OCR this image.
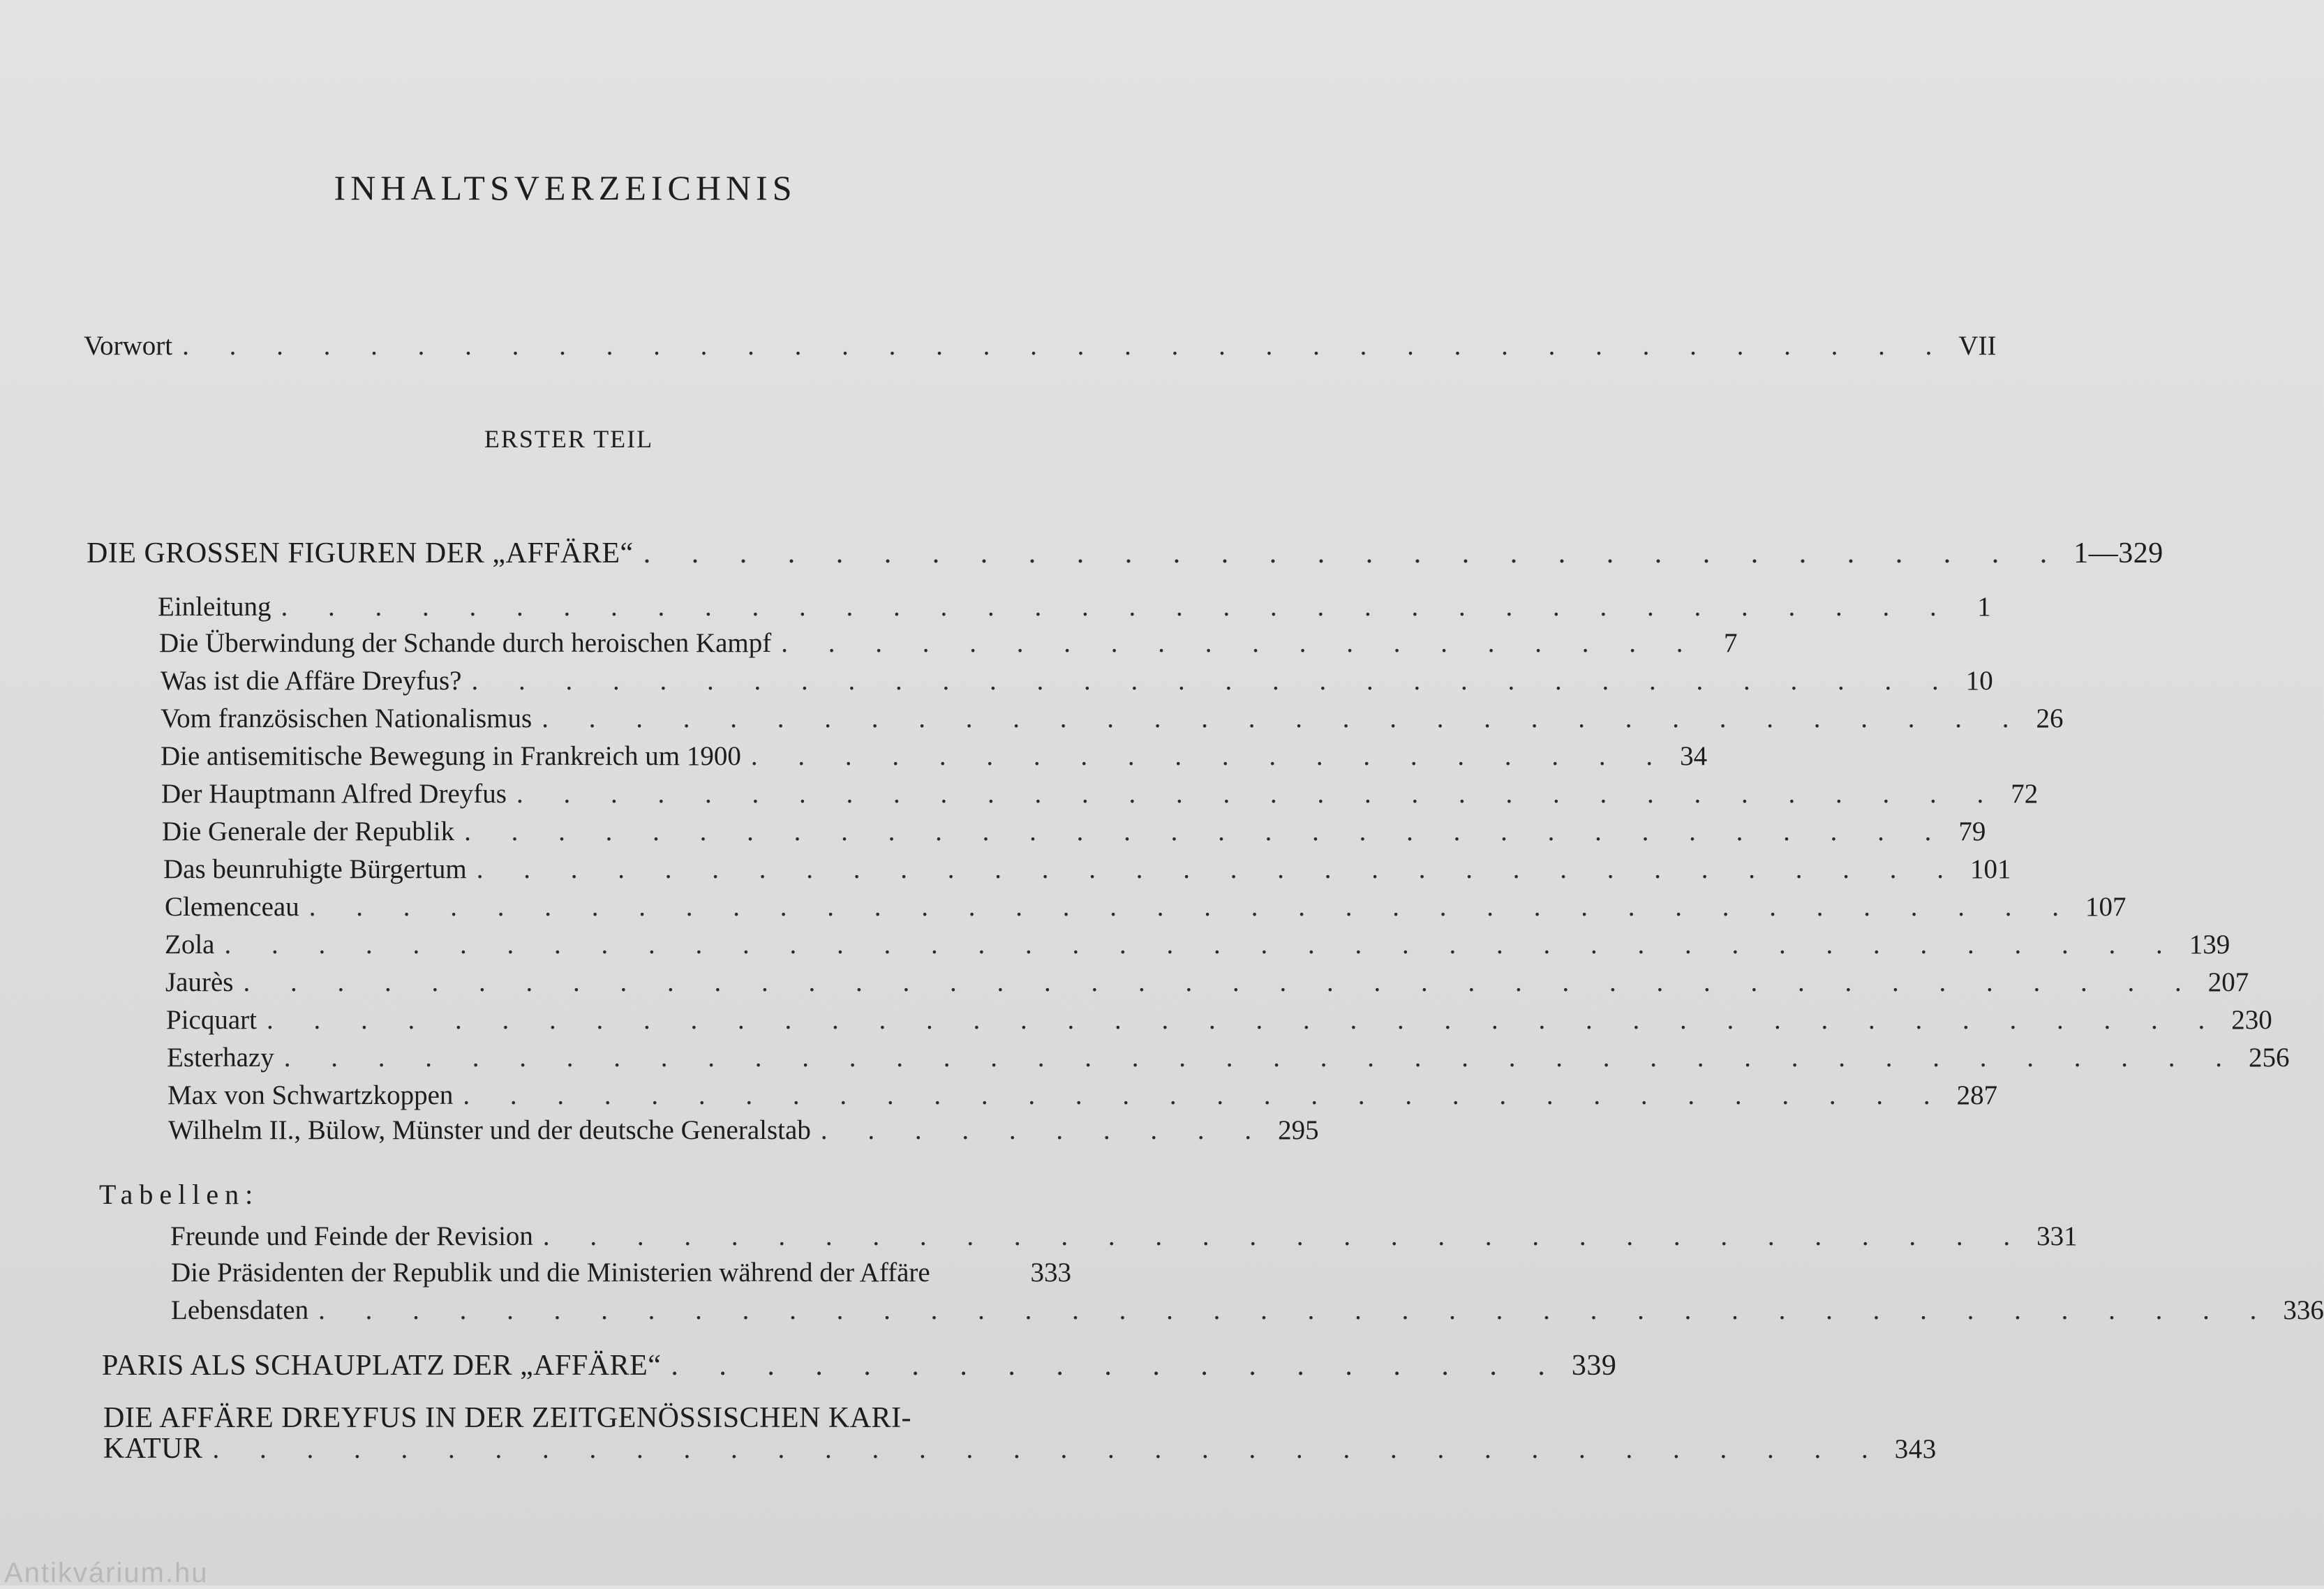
INHALTSVERZEICHNIS
Vorwort . . . . . . . . . . . . . . . . . . . . . . . . . . . . . . . . . . . . . . VII
ERSTER TEIL
DIE GROSSEN FIGUREN DER „AFFÄRE“ . . . . . . . . . . . . . . . . . . . . . . . . . . . . . . 1—329
Einleitung . . . . . . . . . . . . . . . . . . . . . . . . . . . . . . . . . . . . 1
Die Überwindung der Schande durch heroischen Kampf . . . . . . . . . . . . . . . . . . . . 7
Was ist die Affäre Dreyfus? . . . . . . . . . . . . . . . . . . . . . . . . . . . . . . . . 10
Vom französischen Nationalismus . . . . . . . . . . . . . . . . . . . . . . . . . . . . . . . . 26
Die antisemitische Bewegung in Frankreich um 1900 . . . . . . . . . . . . . . . . . . . . 34
Der Hauptmann Alfred Dreyfus . . . . . . . . . . . . . . . . . . . . . . . . . . . . . . . . 72
Die Generale der Republik . . . . . . . . . . . . . . . . . . . . . . . . . . . . . . . . 79
Das beunruhigte Bürgertum . . . . . . . . . . . . . . . . . . . . . . . . . . . . . . . . 101
Clemenceau . . . . . . . . . . . . . . . . . . . . . . . . . . . . . . . . . . . . . . 107
Zola . . . . . . . . . . . . . . . . . . . . . . . . . . . . . . . . . . . . . . . . . . 139
Jaurès . . . . . . . . . . . . . . . . . . . . . . . . . . . . . . . . . . . . . . . . . . 207
Picquart . . . . . . . . . . . . . . . . . . . . . . . . . . . . . . . . . . . . . . . . . . 230
Esterhazy . . . . . . . . . . . . . . . . . . . . . . . . . . . . . . . . . . . . . . . . . . 256
Max von Schwartzkoppen . . . . . . . . . . . . . . . . . . . . . . . . . . . . . . . . 287
Wilhelm II., Bülow, Münster und der deutsche Generalstab . . . . . . . . . . 295
Tabellen:
Freunde und Feinde der Revision . . . . . . . . . . . . . . . . . . . . . . . . . . . . . . . . 331
Die Präsidenten der Republik und die Ministerien während der Affäre	333
Lebensdaten . . . . . . . . . . . . . . . . . . . . . . . . . . . . . . . . . . . . . . . . . . 336
PARIS ALS SCHAUPLATZ DER „AFFÄRE“ . . . . . . . . . . . . . . . . . . . 339
DIE AFFÄRE DREYFUS IN DER ZEITGENÖSSISCHEN KARI-
KATUR . . . . . . . . . . . . . . . . . . . . . . . . . . . . . . . . . . . . 343
Antikvárium.hu
